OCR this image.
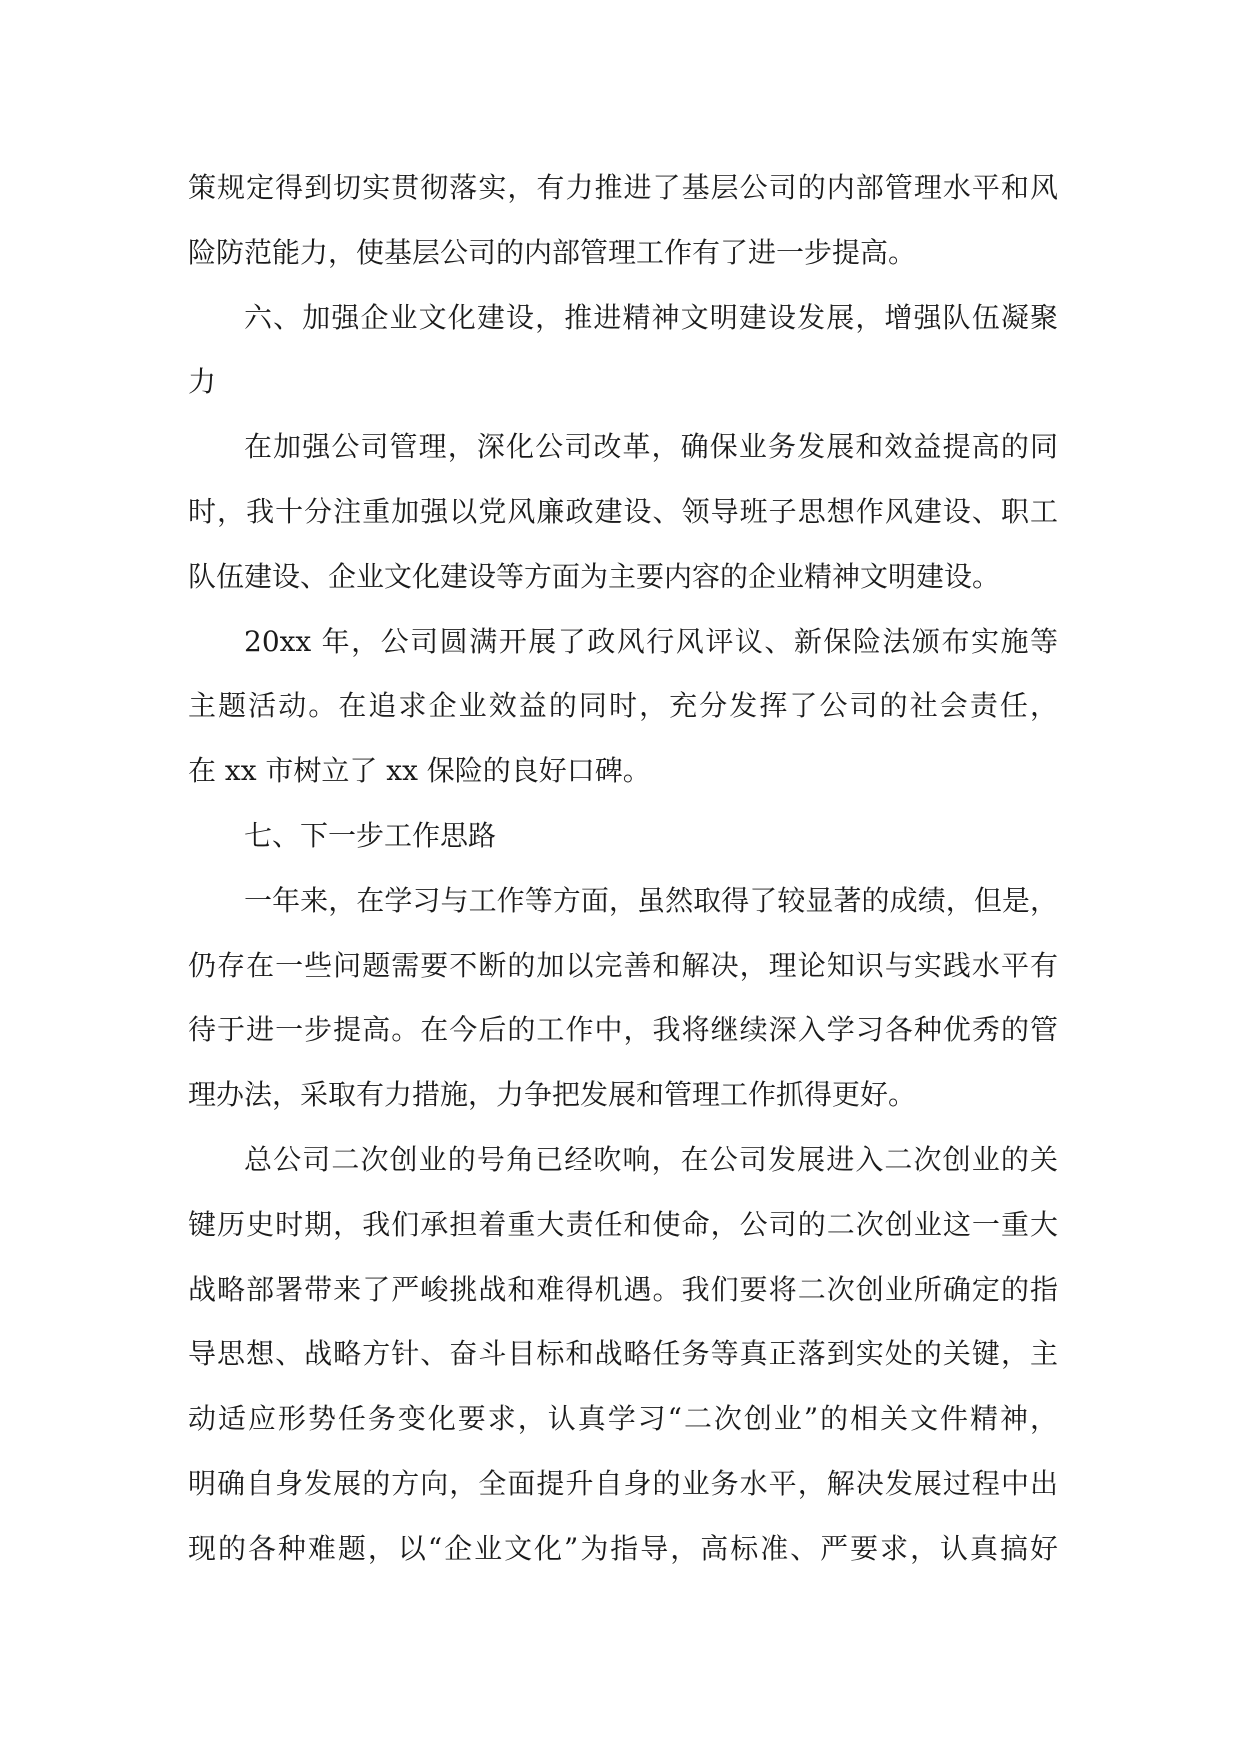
策规定得到切实贯彻落实，有力推进了基层公司的内部管理水平和风
险防范能力，使基层公司的内部管理工作有了进一步提高。
六、加强企业文化建设，推进精神文明建设发展，增强队伍凝聚
力
在加强公司管理，深化公司改革，确保业务发展和效益提高的同
时，我十分注重加强以党风廉政建设、领导班子思想作风建设、职工
队伍建设、企业文化建设等方面为主要内容的企业精神文明建设。
20xx 年，公司圆满开展了政风行风评议、新保险法颁布实施等
主题活动。在追求企业效益的同时，充分发挥了公司的社会责任，
在 xx 市树立了 xx 保险的良好口碑。
七、下一步工作思路
一年来，在学习与工作等方面，虽然取得了较显著的成绩，但是，
仍存在一些问题需要不断的加以完善和解决，理论知识与实践水平有
待于进一步提高。在今后的工作中，我将继续深入学习各种优秀的管
理办法，采取有力措施，力争把发展和管理工作抓得更好。
总公司二次创业的号角已经吹响，在公司发展进入二次创业的关
键历史时期，我们承担着重大责任和使命，公司的二次创业这一重大
战略部署带来了严峻挑战和难得机遇。我们要将二次创业所确定的指
导思想、战略方针、奋斗目标和战略任务等真正落到实处的关键，主
动适应形势任务变化要求，认真学习“二次创业”的相关文件精神，
明确自身发展的方向，全面提升自身的业务水平，解决发展过程中出
现的各种难题，以“企业文化”为指导，高标准、严要求，认真搞好
